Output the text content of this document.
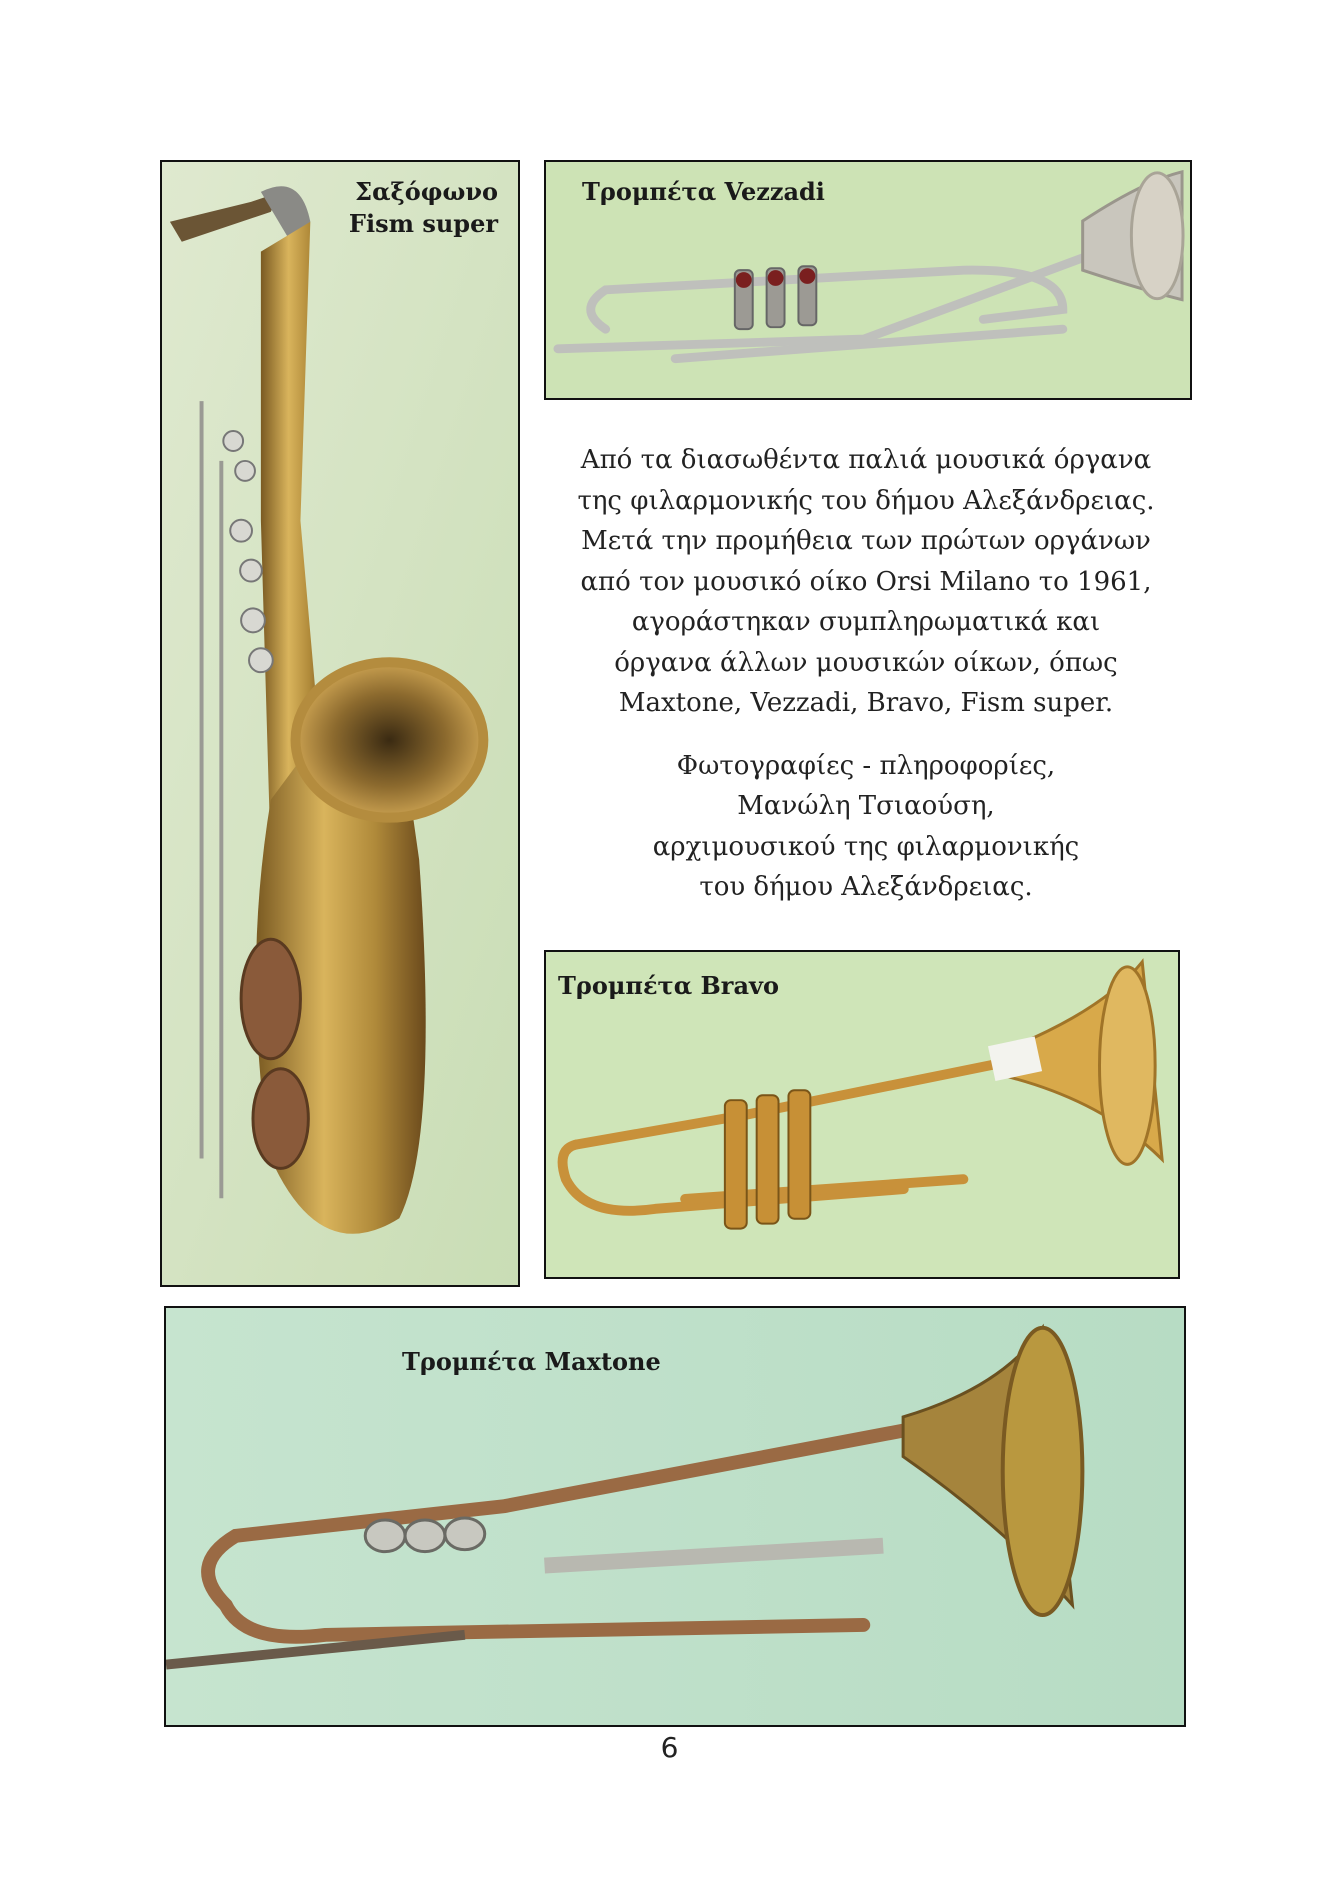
Σαξόφωνο
Fism super
Τρομπέτα Vezzadi

Από τα διασωθέντα παλιά μουσικά όργανα

της φιλαρμονικής του δήμου Αλεξάνδρειας.

Μετά την προμήθεια των πρώτων οργάνων

από τον μουσικό οίκο Orsi Milano το 1961,

αγοράστηκαν συμπληρωματικά και

όργανα άλλων μουσικών οίκων, όπως

Maxtone, Vezzadi, Bravo, Fism super.

Φωτογραφίες - πληροφορίες,

Μανώλη Τσιαούση,

αρχιμουσικού της φιλαρμονικής

του δήμου Αλεξάνδρειας.

Τρομπέτα Bravo
Τρομπέτα Maxtone
6
